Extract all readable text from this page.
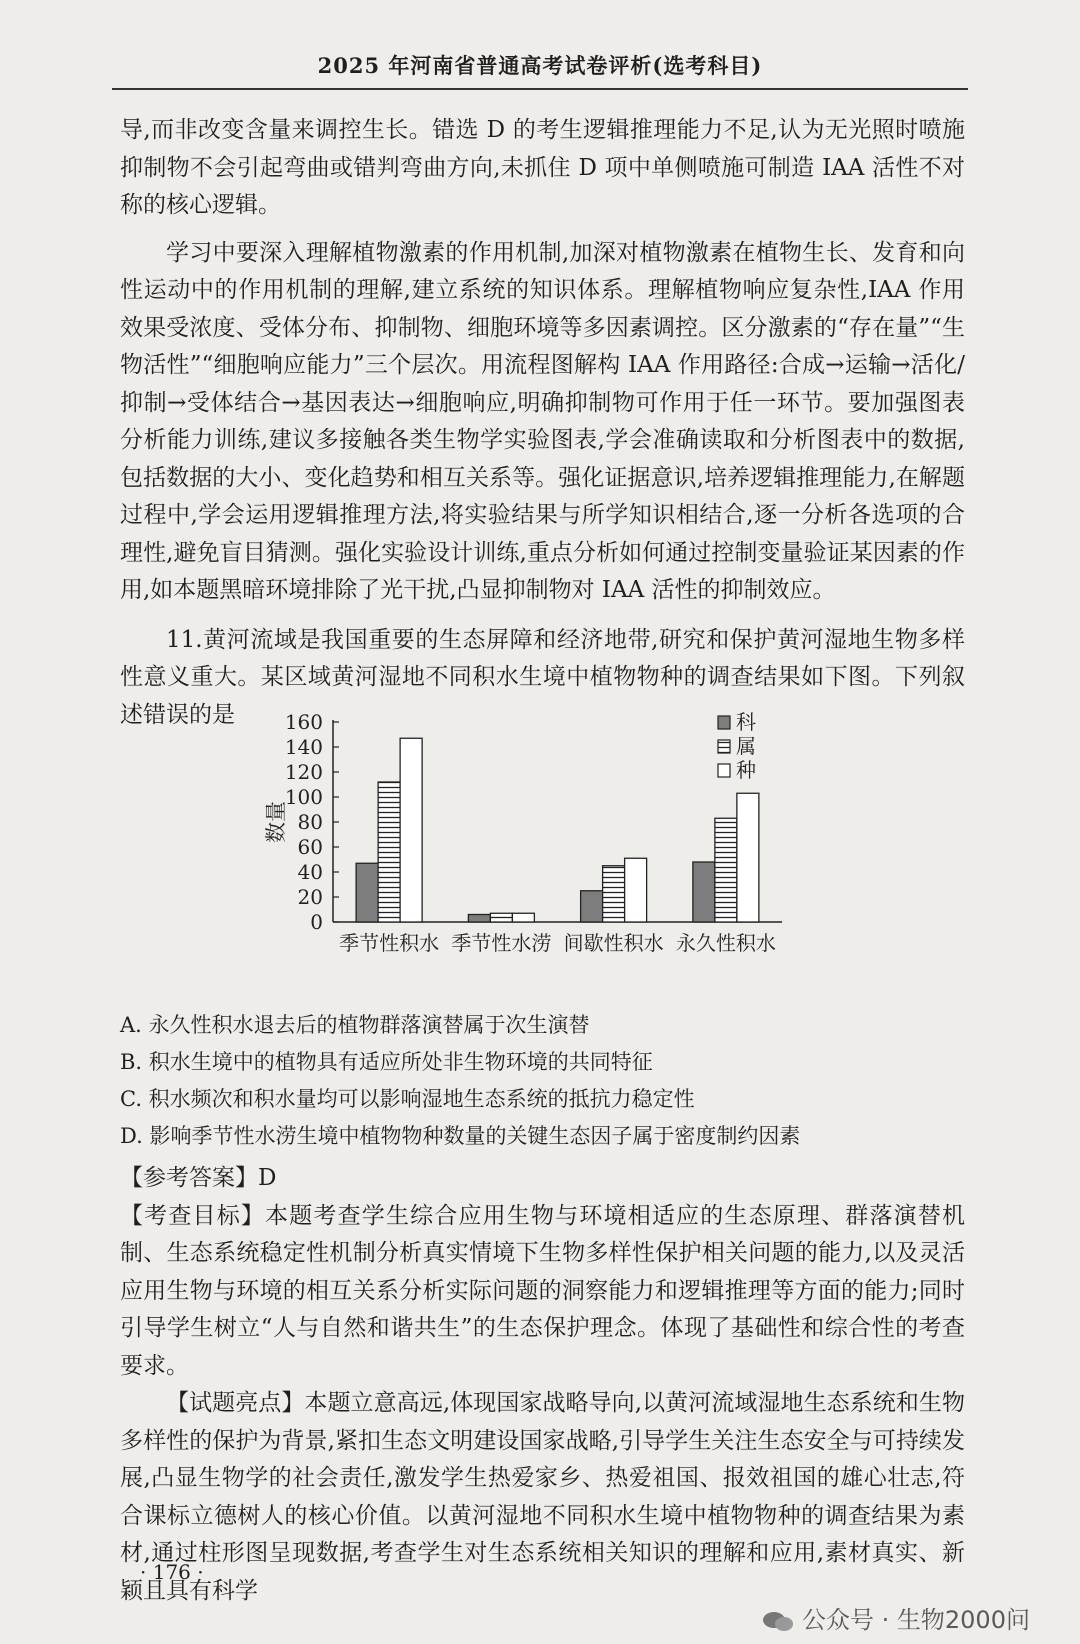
2025 年河南省普通高考试卷评析(选考科目)

导,而非改变含量来调控生长。错选 D 的考生逻辑推理能力不足,认为无光照时喷施抑制物不会引起弯曲或错判弯曲方向,未抓住 D 项中单侧喷施可制造 IAA 活性不对称的核心逻辑。

学习中要深入理解植物激素的作用机制,加深对植物激素在植物生长、发育和向性运动中的作用机制的理解,建立系统的知识体系。理解植物响应复杂性,IAA 作用效果受浓度、受体分布、抑制物、细胞环境等多因素调控。区分激素的“存在量”“生物活性”“细胞响应能力”三个层次。用流程图解构 IAA 作用路径:合成→运输→活化/抑制→受体结合→基因表达→细胞响应,明确抑制物可作用于任一环节。要加强图表分析能力训练,建议多接触各类生物学实验图表,学会准确读取和分析图表中的数据,包括数据的大小、变化趋势和相互关系等。强化证据意识,培养逻辑推理能力,在解题过程中,学会运用逻辑推理方法,将实验结果与所学知识相结合,逐一分析各选项的合理性,避免盲目猜测。强化实验设计训练,重点分析如何通过控制变量验证某因素的作用,如本题黑暗环境排除了光干扰,凸显抑制物对 IAA 活性的抑制效应。

11.黄河流域是我国重要的生态屏障和经济地带,研究和保护黄河湿地生物多样性意义重大。某区域黄河湿地不同积水生境中植物物种的调查结果如下图。下列叙述错误的是

0
20
40
60
80
100
120
140
160
数量
季节性积水 季节性水涝 间歇性积水 永久性积水
科
属
种

A. 永久性积水退去后的植物群落演替属于次生演替

B. 积水生境中的植物具有适应所处非生物环境的共同特征

C. 积水频次和积水量均可以影响湿地生态系统的抵抗力稳定性

D. 影响季节性水涝生境中植物物种数量的关键生态因子属于密度制约因素

【参考答案】D

【考查目标】本题考查学生综合应用生物与环境相适应的生态原理、群落演替机制、生态系统稳定性机制分析真实情境下生物多样性保护相关问题的能力,以及灵活应用生物与环境的相互关系分析实际问题的洞察能力和逻辑推理等方面的能力;同时引导学生树立“人与自然和谐共生”的生态保护理念。体现了基础性和综合性的考查要求。

【试题亮点】本题立意高远,体现国家战略导向,以黄河流域湿地生态系统和生物多样性的保护为背景,紧扣生态文明建设国家战略,引导学生关注生态安全与可持续发展,凸显生物学的社会责任,激发学生热爱家乡、热爱祖国、报效祖国的雄心壮志,符合课标立德树人的核心价值。以黄河湿地不同积水生境中植物物种的调查结果为素材,通过柱形图呈现数据,考查学生对生态系统相关知识的理解和应用,素材真实、新颖且具有科学

· 176 ·
公众号 · 生物2000问
